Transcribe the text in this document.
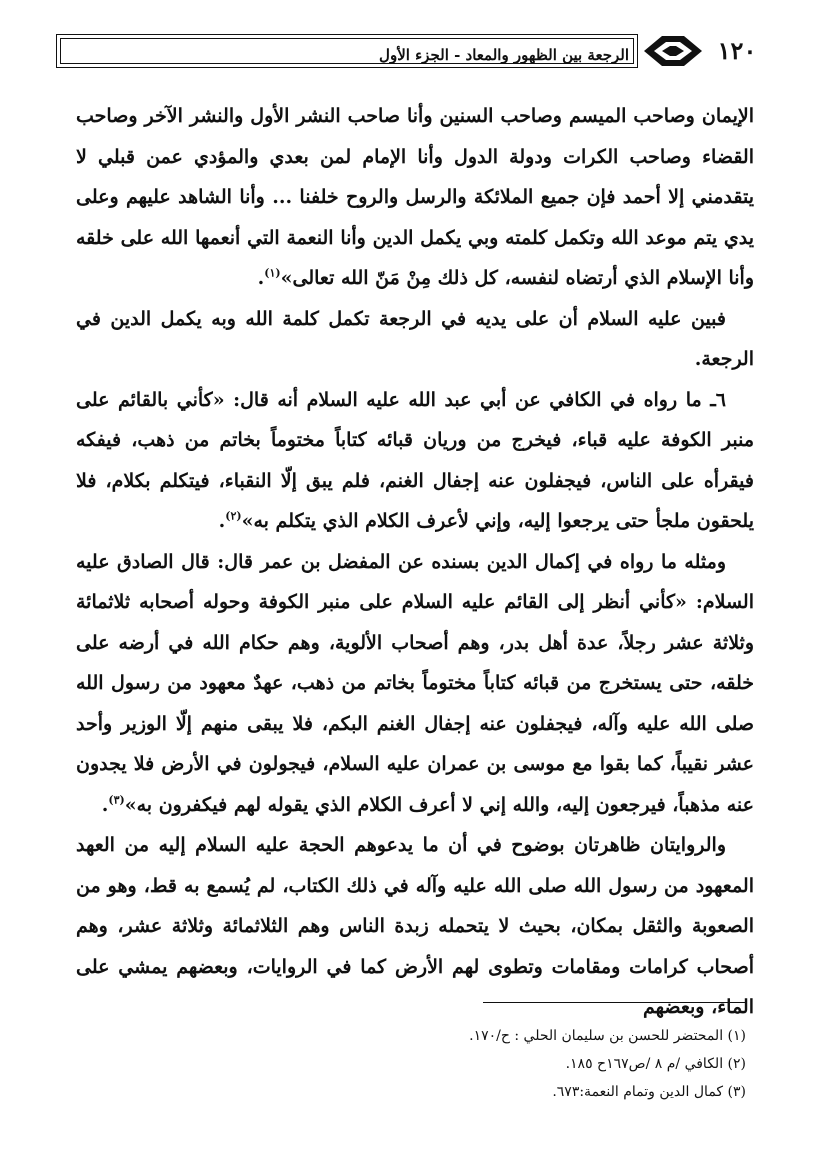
الرجعة بين الظهور والمعاد - الجزء الأول	١٢٠

الإيمان وصاحب الميسم وصاحب السنين وأنا صاحب النشر الأول والنشر الآخر وصاحب القضاء وصاحب الكرات ودولة الدول وأنا الإمام لمن بعدي والمؤدي عمن قبلي لا يتقدمني إلا أحمد فإن جميع الملائكة والرسل والروح خلفنا ... وأنا الشاهد عليهم وعلى يدي يتم موعد الله وتكمل كلمته وبي يكمل الدين وأنا النعمة التي أنعمها الله على خلقه وأنا الإسلام الذي أرتضاه لنفسه، كل ذلك مِنْ مَنّ الله تعالى»$^{(١)}$.

فبين عليه السلام أن على يديه في الرجعة تكمل كلمة الله وبه يكمل الدين في الرجعة.

٦ـ ما رواه في الكافي عن أبي عبد الله عليه السلام أنه قال: «كأني بالقائم على منبر الكوفة عليه قباء، فيخرج من وريان قبائه كتاباً مختوماً بخاتم من ذهب، فيفكه فيقرأه على الناس، فيجفلون عنه إجفال الغنم، فلم يبق إلّا النقباء، فيتكلم بكلام، فلا يلحقون ملجأ حتى يرجعوا إليه، وإني لأعرف الكلام الذي يتكلم به»$^{(٢)}$.

ومثله ما رواه في إكمال الدين بسنده عن المفضل بن عمر قال: قال الصادق عليه السلام: «كأني أنظر إلى القائم عليه السلام على منبر الكوفة وحوله أصحابه ثلاثمائة وثلاثة عشر رجلاً، عدة أهل بدر، وهم أصحاب الألوية، وهم حكام الله في أرضه على خلقه، حتى يستخرج من قبائه كتاباً مختوماً بخاتم من ذهب، عهدٌ معهود من رسول الله صلى الله عليه وآله، فيجفلون عنه إجفال الغنم البكم، فلا يبقى منهم إلّا الوزير وأحد عشر نقيباً، كما بقوا مع موسى بن عمران عليه السلام، فيجولون في الأرض فلا يجدون عنه مذهباً، فيرجعون إليه، والله إني لا أعرف الكلام الذي يقوله لهم فيكفرون به»$^{(٣)}$.

والروايتان ظاهرتان بوضوح في أن ما يدعوهم الحجة عليه السلام إليه من العهد المعهود من رسول الله صلى الله عليه وآله في ذلك الكتاب، لم يُسمع به قط، وهو من الصعوبة والثقل بمكان، بحيث لا يتحمله زبدة الناس وهم الثلاثمائة وثلاثة عشر، وهم أصحاب كرامات ومقامات وتطوى لهم الأرض كما في الروايات، وبعضهم يمشي على الماء، وبعضهم

(١) المحتضر للحسن بن سليمان الحلي : ح/١٧٠.

(٢) الكافي /م ٨ /ص١٦٧ح ١٨٥.

(٣) كمال الدين وتمام النعمة:٦٧٣.
